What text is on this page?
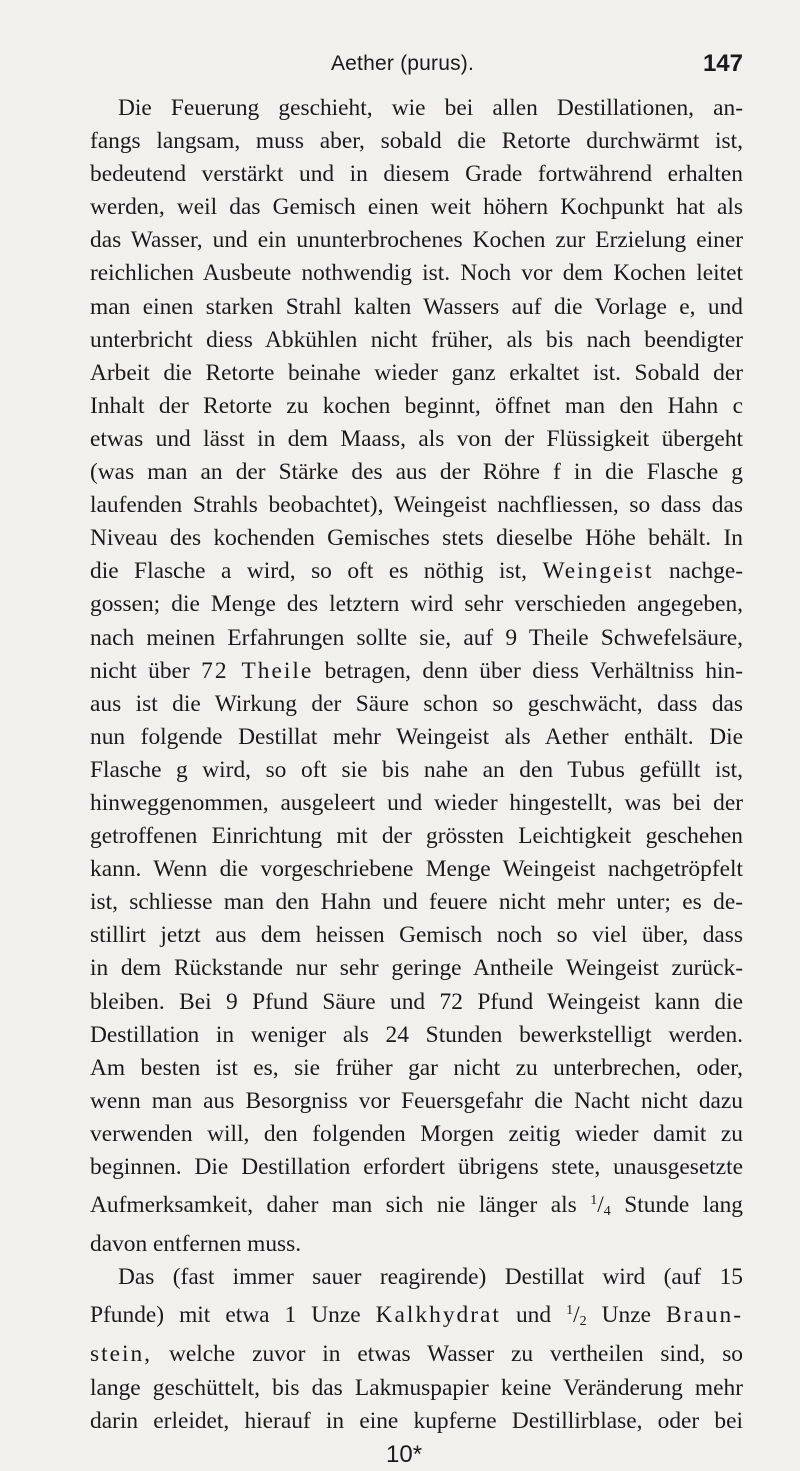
Aether (purus).	147
Die Feuerung geschieht, wie bei allen Destillationen, an-
fangs langsam, muss aber, sobald die Retorte durchwärmt ist,
bedeutend verstärkt und in diesem Grade fortwährend erhalten
werden, weil das Gemisch einen weit höhern Kochpunkt hat als
das Wasser, und ein ununterbrochenes Kochen zur Erzielung einer
reichlichen Ausbeute nothwendig ist. Noch vor dem Kochen leitet
man einen starken Strahl kalten Wassers auf die Vorlage e, und
unterbricht diess Abkühlen nicht früher, als bis nach beendigter
Arbeit die Retorte beinahe wieder ganz erkaltet ist. Sobald der
Inhalt der Retorte zu kochen beginnt, öffnet man den Hahn c
etwas und lässt in dem Maass, als von der Flüssigkeit übergeht
(was man an der Stärke des aus der Röhre f in die Flasche g
laufenden Strahls beobachtet), Weingeist nachfliessen, so dass das
Niveau des kochenden Gemisches stets dieselbe Höhe behält. In
die Flasche a wird, so oft es nöthig ist, Weingeist nachge-
gossen; die Menge des letztern wird sehr verschieden angegeben,
nach meinen Erfahrungen sollte sie, auf 9 Theile Schwefelsäure,
nicht über 72 Theile betragen, denn über diess Verhältniss hin-
aus ist die Wirkung der Säure schon so geschwächt, dass das
nun folgende Destillat mehr Weingeist als Aether enthält. Die
Flasche g wird, so oft sie bis nahe an den Tubus gefüllt ist,
hinweggenommen, ausgeleert und wieder hingestellt, was bei der
getroffenen Einrichtung mit der grössten Leichtigkeit geschehen
kann. Wenn die vorgeschriebene Menge Weingeist nachgetröpfelt
ist, schliesse man den Hahn und feuere nicht mehr unter; es de-
stillirt jetzt aus dem heissen Gemisch noch so viel über, dass
in dem Rückstande nur sehr geringe Antheile Weingeist zurück-
bleiben. Bei 9 Pfund Säure und 72 Pfund Weingeist kann die
Destillation in weniger als 24 Stunden bewerkstelligt werden.
Am besten ist es, sie früher gar nicht zu unterbrechen, oder,
wenn man aus Besorgniss vor Feuersgefahr die Nacht nicht dazu
verwenden will, den folgenden Morgen zeitig wieder damit zu
beginnen. Die Destillation erfordert übrigens stete, unausgesetzte
Aufmerksamkeit, daher man sich nie länger als $^1$/4 Stunde lang
davon entfernen muss.
Das (fast immer sauer reagirende) Destillat wird (auf 15
Pfunde) mit etwa 1 Unze Kalkhydrat und $^1$/2 Unze Braun-
stein, welche zuvor in etwas Wasser zu vertheilen sind, so
lange geschüttelt, bis das Lakmuspapier keine Veränderung mehr
darin erleidet, hierauf in eine kupferne Destillirblase, oder bei
10*
